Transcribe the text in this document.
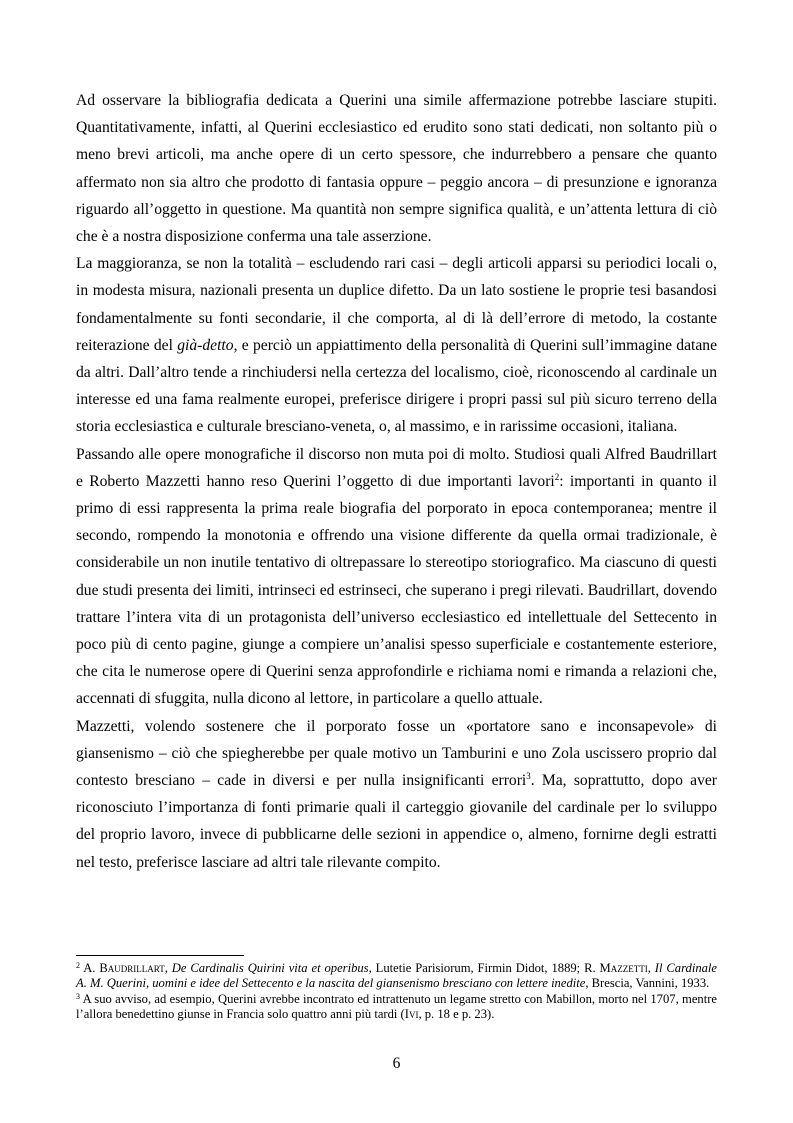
Ad osservare la bibliografia dedicata a Querini una simile affermazione potrebbe lasciare stupiti. Quantitativamente, infatti, al Querini ecclesiastico ed erudito sono stati dedicati, non soltanto più o meno brevi articoli, ma anche opere di un certo spessore, che indurrebbero a pensare che quanto affermato non sia altro che prodotto di fantasia oppure – peggio ancora – di presunzione e ignoranza riguardo all’oggetto in questione. Ma quantità non sempre significa qualità, e un’attenta lettura di ciò che è a nostra disposizione conferma una tale asserzione.

La maggioranza, se non la totalità – escludendo rari casi – degli articoli apparsi su periodici locali o, in modesta misura, nazionali presenta un duplice difetto. Da un lato sostiene le proprie tesi basandosi fondamentalmente su fonti secondarie, il che comporta, al di là dell’errore di metodo, la costante reiterazione del già-detto, e perciò un appiattimento della personalità di Querini sull’immagine datane da altri. Dall’altro tende a rinchiudersi nella certezza del localismo, cioè, riconoscendo al cardinale un interesse ed una fama realmente europei, preferisce dirigere i propri passi sul più sicuro terreno della storia ecclesiastica e culturale bresciano-veneta, o, al massimo, e in rarissime occasioni, italiana.

Passando alle opere monografiche il discorso non muta poi di molto. Studiosi quali Alfred Baudrillart e Roberto Mazzetti hanno reso Querini l’oggetto di due importanti lavori$^2$: importanti in quanto il primo di essi rappresenta la prima reale biografia del porporato in epoca contemporanea; mentre il secondo, rompendo la monotonia e offrendo una visione differente da quella ormai tradizionale, è considerabile un non inutile tentativo di oltrepassare lo stereotipo storiografico. Ma ciascuno di questi due studi presenta dei limiti, intrinseci ed estrinseci, che superano i pregi rilevati. Baudrillart, dovendo trattare l’intera vita di un protagonista dell’universo ecclesiastico ed intellettuale del Settecento in poco più di cento pagine, giunge a compiere un’analisi spesso superficiale e costantemente esteriore, che cita le numerose opere di Querini senza approfondirle e richiama nomi e rimanda a relazioni che, accennati di sfuggita, nulla dicono al lettore, in particolare a quello attuale.

Mazzetti, volendo sostenere che il porporato fosse un «portatore sano e inconsapevole» di giansenismo – ciò che spiegherebbe per quale motivo un Tamburini e uno Zola uscissero proprio dal contesto bresciano – cade in diversi e per nulla insignificanti errori$^3$. Ma, soprattutto, dopo aver riconosciuto l’importanza di fonti primarie quali il carteggio giovanile del cardinale per lo sviluppo del proprio lavoro, invece di pubblicarne delle sezioni in appendice o, almeno, fornirne degli estratti nel testo, preferisce lasciare ad altri tale rilevante compito.

$^2$ A. Baudrillart, De Cardinalis Quirini vita et operibus, Lutetie Parisiorum, Firmin Didot, 1889; R. Mazzetti, Il Cardinale A. M. Querini, uomini e idee del Settecento e la nascita del giansenismo bresciano con lettere inedite, Brescia, Vannini, 1933.

$^3$ A suo avviso, ad esempio, Querini avrebbe incontrato ed intrattenuto un legame stretto con Mabillon, morto nel 1707, mentre l’allora benedettino giunse in Francia solo quattro anni più tardi (Ivi, p. 18 e p. 23).

6
